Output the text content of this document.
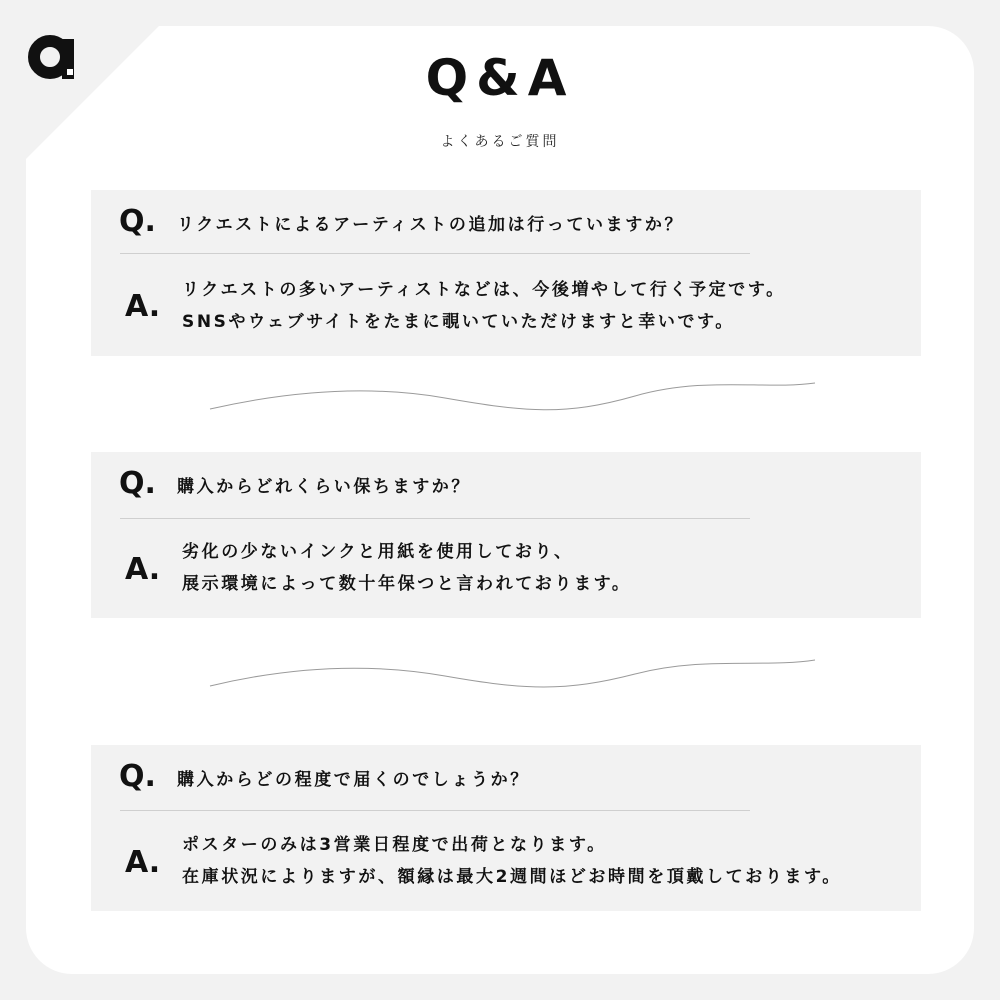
Q&A
よくあるご質問
Q.	リクエストによるアーティストの追加は行っていますか？
A. リクエストの多いアーティストなどは、今後増やして行く予定です。
SNSやウェブサイトをたまに覗いていただけますと幸いです。
Q.	購入からどれくらい保ちますか？
A. 劣化の少ないインクと用紙を使用しており、
展示環境によって数十年保つと言われております。
Q.	購入からどの程度で届くのでしょうか？
A. ポスターのみは3営業日程度で出荷となります。
在庫状況によりますが、額縁は最大2週間ほどお時間を頂戴しております。
